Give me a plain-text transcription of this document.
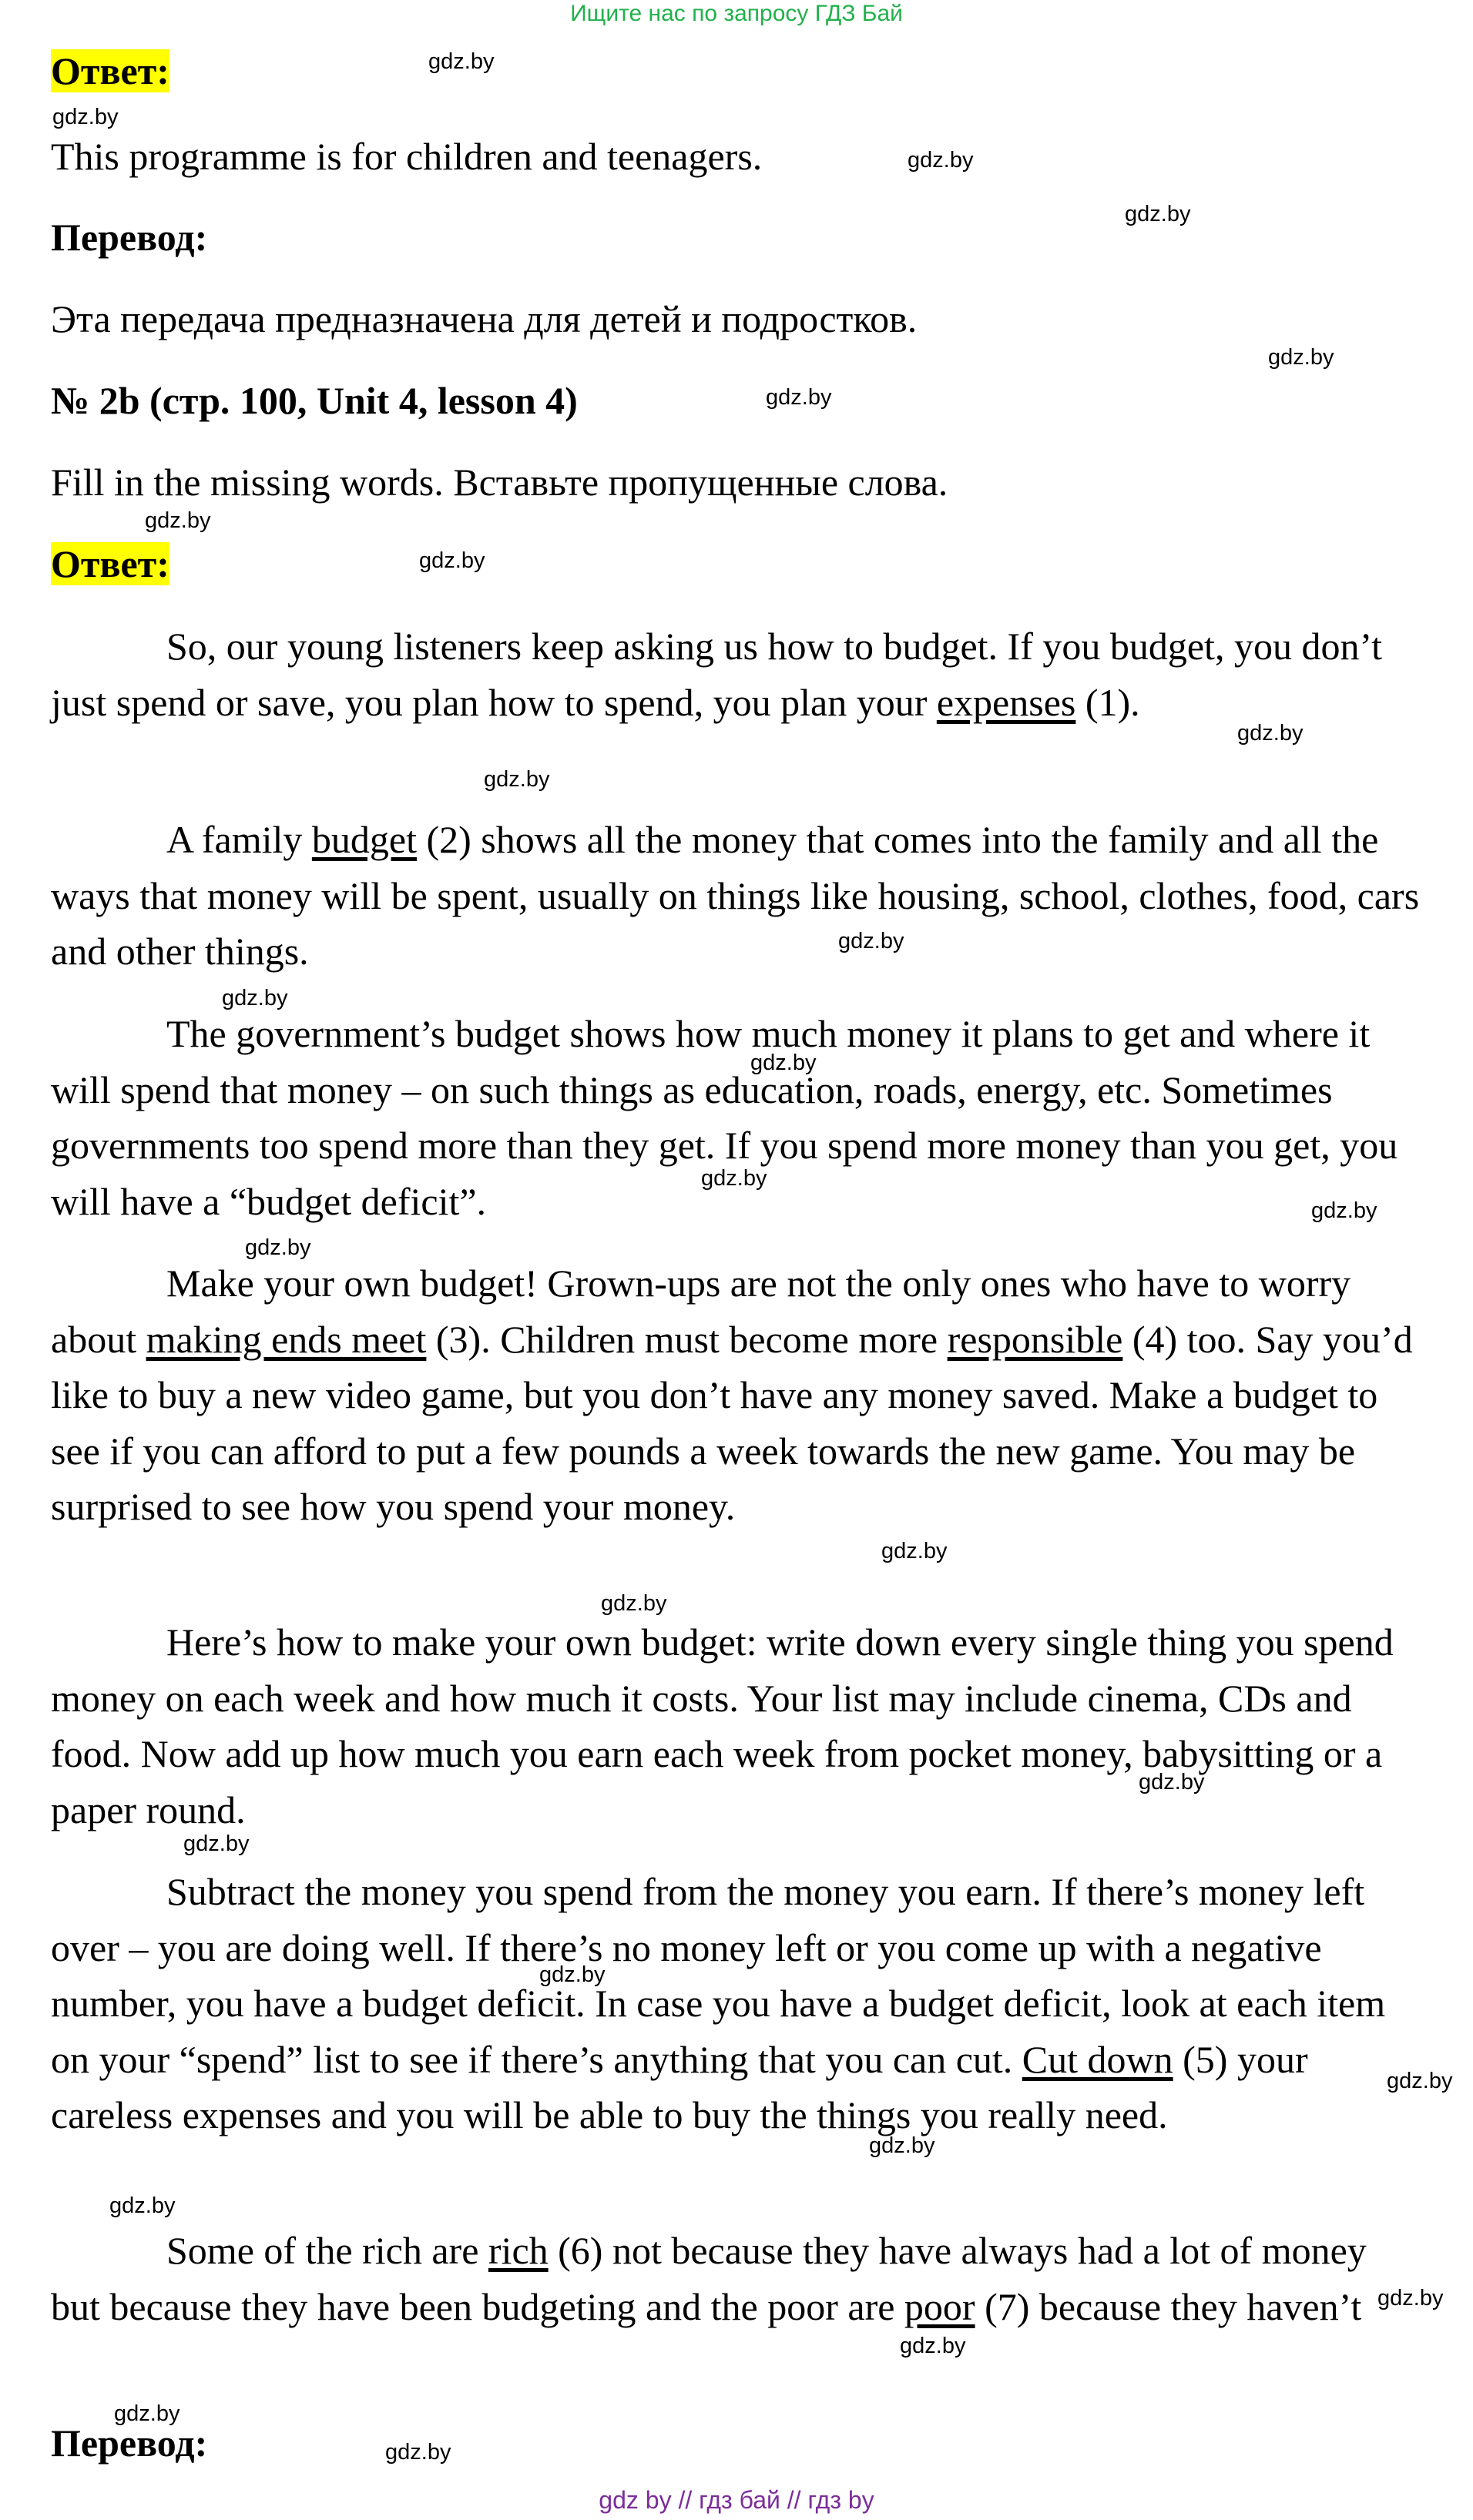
Ищите нас по запросу ГДЗ Бай
Ответ:
This programme is for children and teenagers.
Перевод:
Эта передача предназначена для детей и подростков.
№ 2b (стр. 100, Unit 4, lesson 4)
Fill in the missing words. Вставьте пропущенные слова.
Ответ:

So, our young listeners keep asking us how to budget. If you budget, you don’t just spend or save, you plan how to spend, you plan your expenses (1).

A family budget (2) shows all the money that comes into the family and all the ways that money will be spent, usually on things like housing, school, clothes, food, cars and other things.

The government’s budget shows how much money it plans to get and where it will spend that money – on such things as education, roads, energy, etc. Sometimes governments too spend more than they get. If you spend more money than you get, you will have a “budget deficit”.

Make your own budget! Grown-ups are not the only ones who have to worry about making ends meet (3). Children must become more responsible (4) too. Say you’d like to buy a new video game, but you don’t have any money saved. Make a budget to see if you can afford to put a few pounds a week towards the new game. You may be surprised to see how you spend your money.

Here’s how to make your own budget: write down every single thing you spend money on each week and how much it costs. Your list may include cinema, CDs and food. Now add up how much you earn each week from pocket money, babysitting or a paper round.

Subtract the money you spend from the money you earn. If there’s money left over – you are doing well. If there’s no money left or you come up with a negative number, you have a budget deficit. In case you have a budget deficit, look at each item on your “spend” list to see if there’s anything that you can cut. Cut down (5) your careless expenses and you will be able to buy the things you really need.

Some of the rich are rich (6) not because they have always had a lot of money but because they have been budgeting and the poor are poor (7) because they haven’t

Перевод:
gdz.by
gdz.by
gdz.by
gdz.by
gdz.by
gdz.by
gdz.by
gdz.by
gdz.by
gdz.by
gdz.by
gdz.by
gdz.by
gdz.by
gdz.by
gdz.by
gdz.by
gdz.by
gdz.by
gdz.by
gdz.by
gdz.by
gdz.by
gdz.by
gdz.by
gdz.by
gdz.by
gdz.by
gdz by // гдз бай // гдз by
